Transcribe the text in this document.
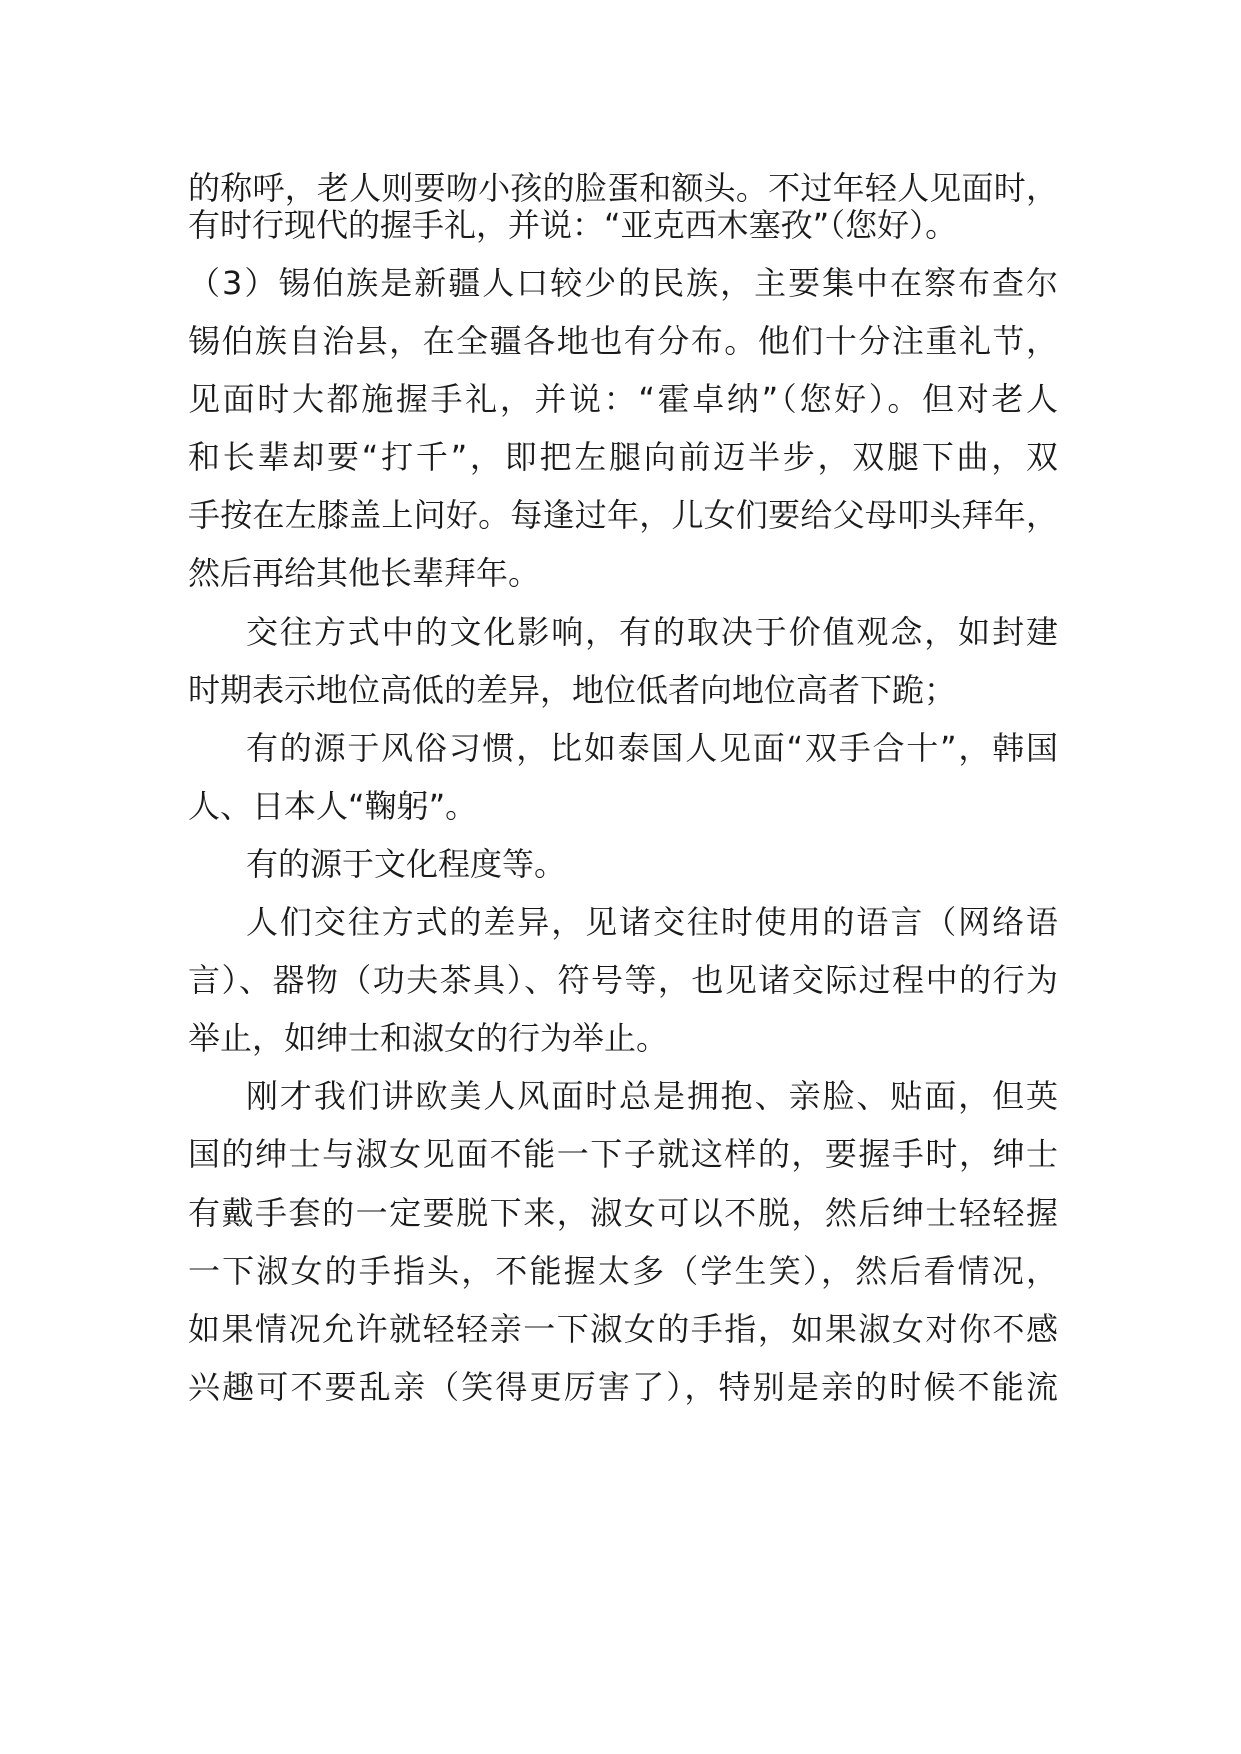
的称呼，老人则要吻小孩的脸蛋和额头。不过年轻人见面时，
有时行现代的握手礼，并说：“亚克西木塞孜”（您好）。
（3）锡伯族是新疆人口较少的民族，主要集中在察布查尔
锡伯族自治县，在全疆各地也有分布。他们十分注重礼节，
见面时大都施握手礼，并说：“霍卓纳”（您好）。但对老人
和长辈却要“打千”，即把左腿向前迈半步，双腿下曲，双
手按在左膝盖上问好。每逢过年，儿女们要给父母叩头拜年，
然后再给其他长辈拜年。
交往方式中的文化影响，有的取决于价值观念，如封建
时期表示地位高低的差异，地位低者向地位高者下跪；
有的源于风俗习惯，比如泰国人见面“双手合十”，韩国
人、日本人“鞠躬”。
有的源于文化程度等。
人们交往方式的差异，见诸交往时使用的语言（网络语
言）、器物（功夫茶具）、符号等，也见诸交际过程中的行为
举止，如绅士和淑女的行为举止。
刚才我们讲欧美人风面时总是拥抱、亲脸、贴面，但英
国的绅士与淑女见面不能一下子就这样的，要握手时，绅士
有戴手套的一定要脱下来，淑女可以不脱，然后绅士轻轻握
一下淑女的手指头，不能握太多（学生笑），然后看情况，
如果情况允许就轻轻亲一下淑女的手指，如果淑女对你不感
兴趣可不要乱亲（笑得更厉害了），特别是亲的时候不能流
